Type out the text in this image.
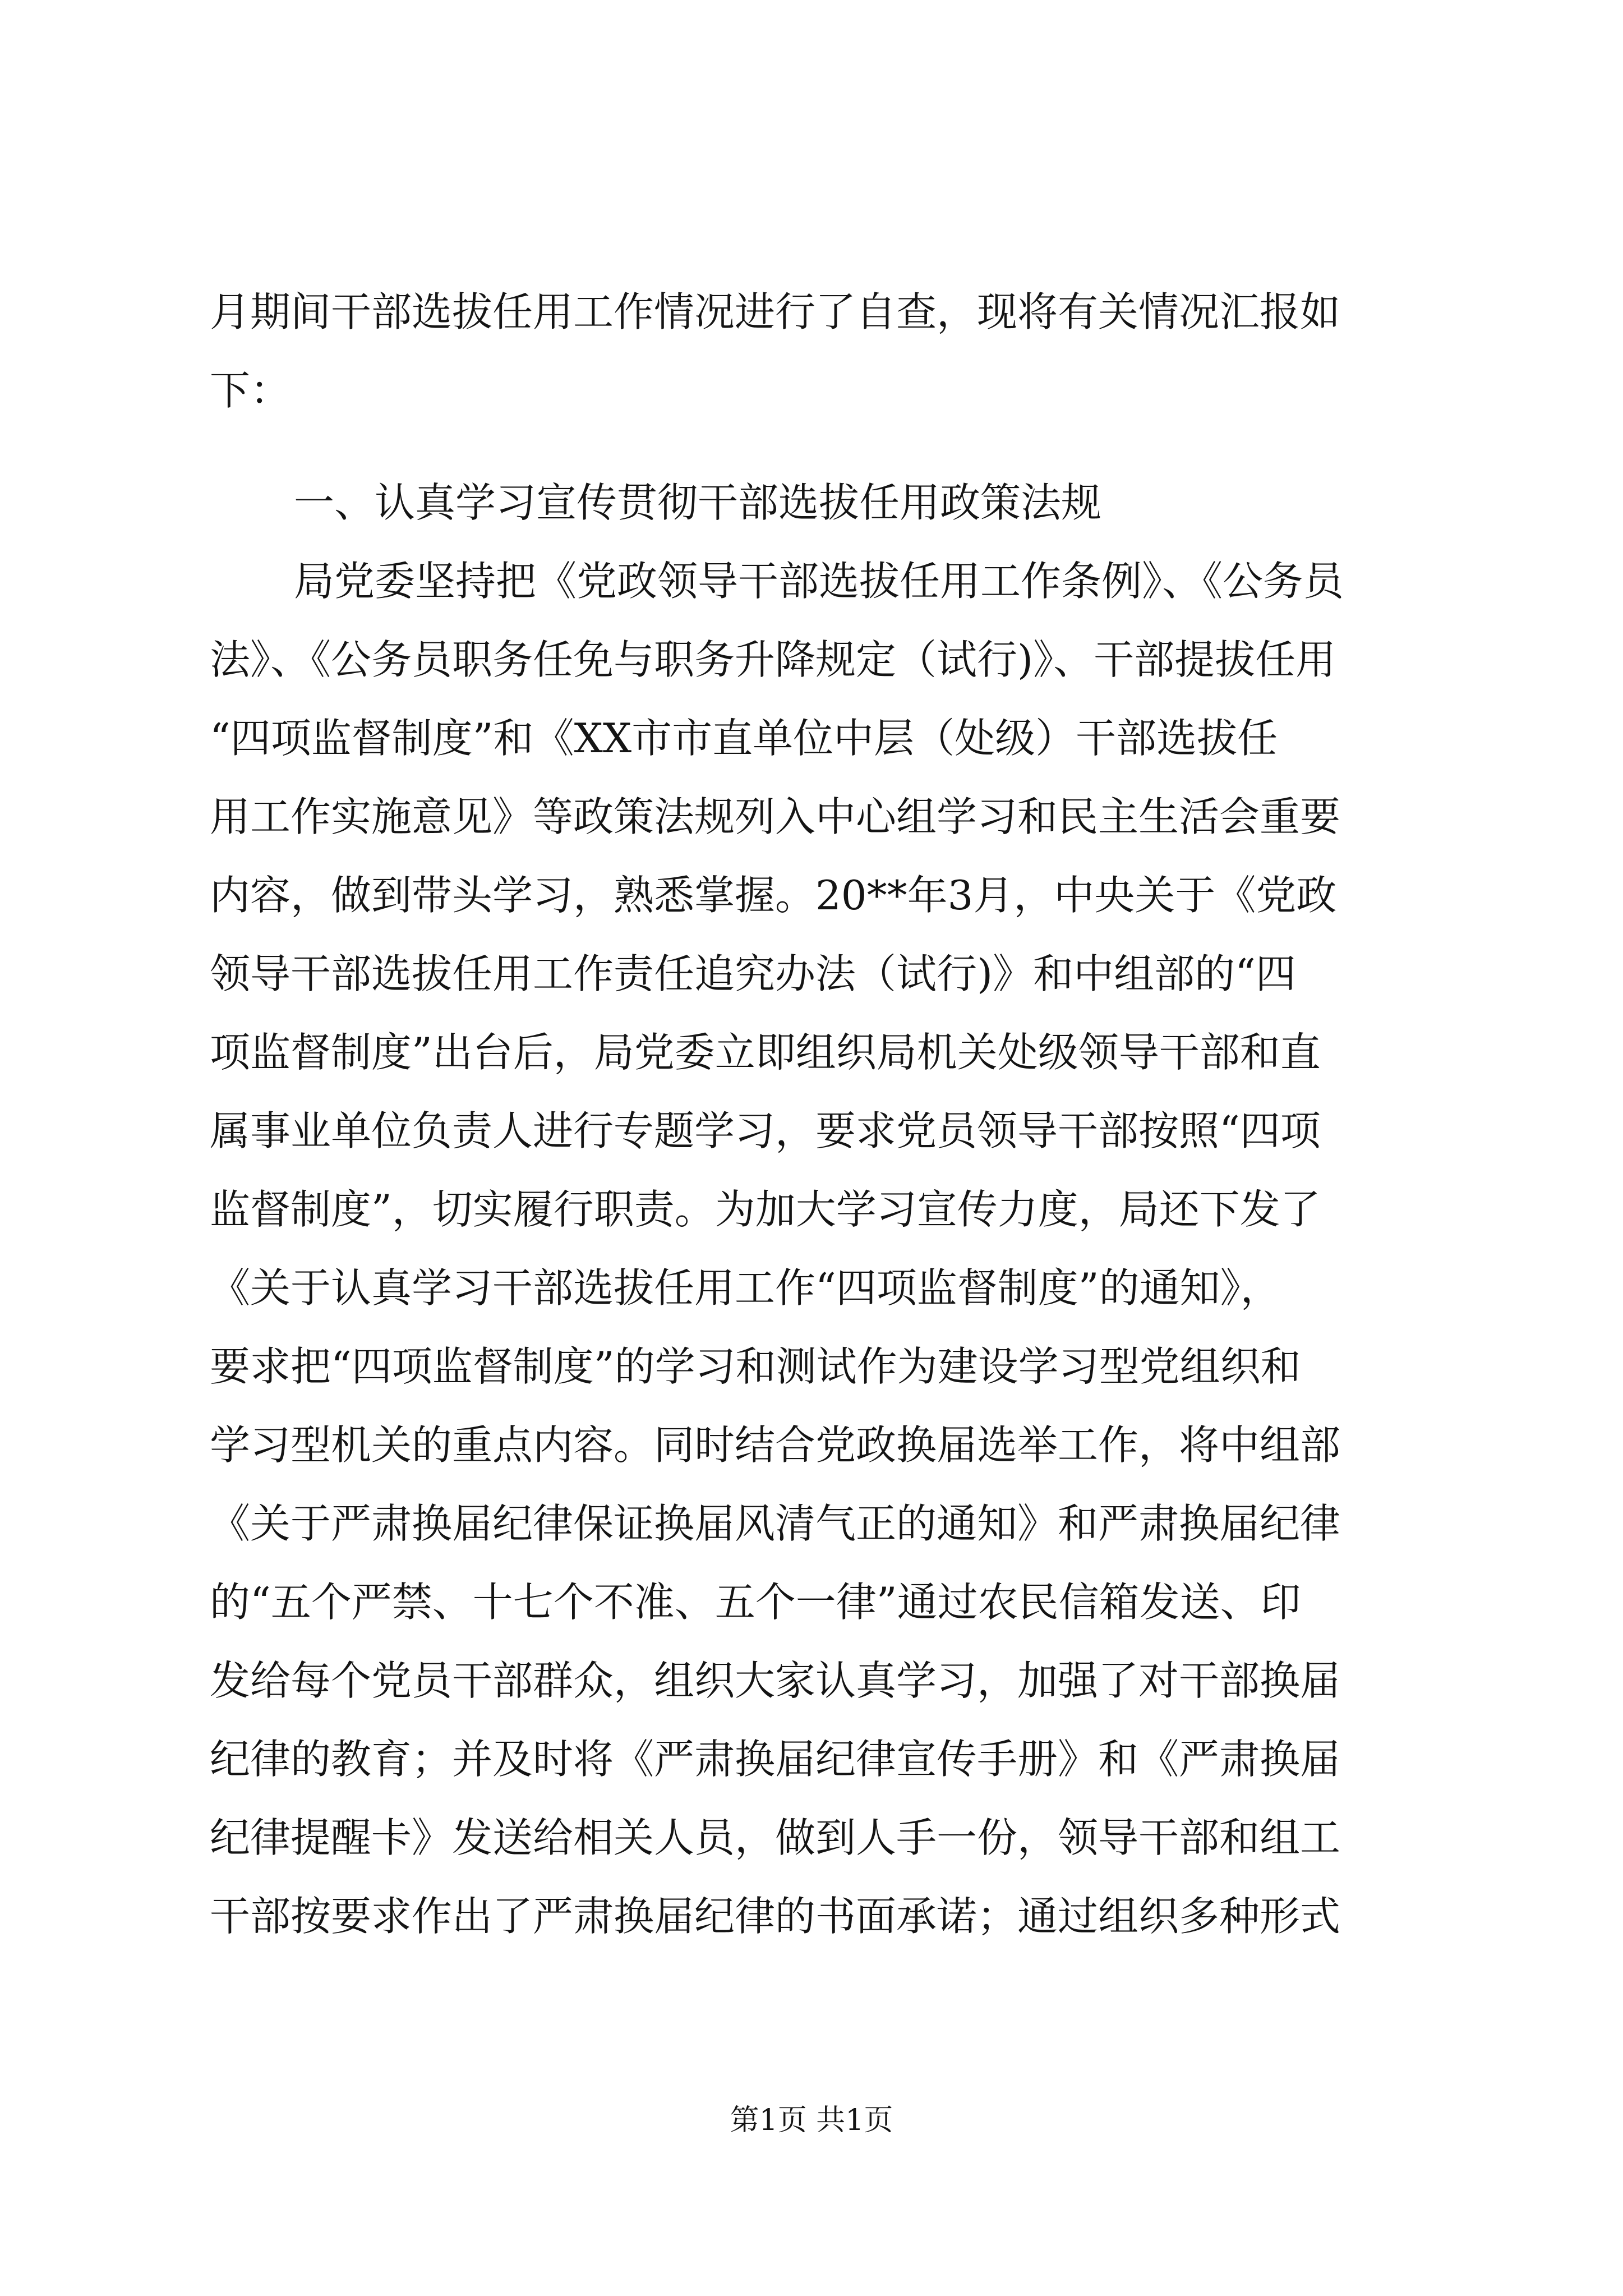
月期间干部选拔任用工作情况进行了自查，现将有关情况汇报如
下：
一、认真学习宣传贯彻干部选拔任用政策法规
局党委坚持把《党政领导干部选拔任用工作条例》、《公务员
法》、《公务员职务任免与职务升降规定（试行)》、干部提拔任用
“四项监督制度”和《XX市市直单位中层（处级）干部选拔任
用工作实施意见》等政策法规列入中心组学习和民主生活会重要
内容，做到带头学习，熟悉掌握。20**年3月，中央关于《党政
领导干部选拔任用工作责任追究办法（试行)》和中组部的“四
项监督制度”出台后，局党委立即组织局机关处级领导干部和直
属事业单位负责人进行专题学习，要求党员领导干部按照“四项
监督制度”，切实履行职责。为加大学习宣传力度，局还下发了
《关于认真学习干部选拔任用工作“四项监督制度”的通知》，
要求把“四项监督制度”的学习和测试作为建设学习型党组织和
学习型机关的重点内容。同时结合党政换届选举工作，将中组部
《关于严肃换届纪律保证换届风清气正的通知》和严肃换届纪律
的“五个严禁、十七个不准、五个一律”通过农民信箱发送、印
发给每个党员干部群众，组织大家认真学习，加强了对干部换届
纪律的教育；并及时将《严肃换届纪律宣传手册》和《严肃换届
纪律提醒卡》发送给相关人员，做到人手一份，领导干部和组工
干部按要求作出了严肃换届纪律的书面承诺；通过组织多种形式
第1页 共1页
